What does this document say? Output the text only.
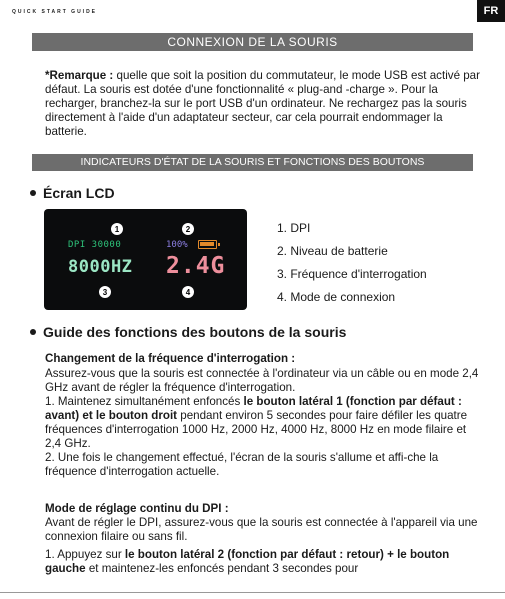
QUICK START GUIDE	FR
CONNEXION DE LA SOURIS
*Remarque : quelle que soit la position du commutateur, le mode USB est activé par défaut. La souris est dotée d'une fonctionnalité « plug-and -charge ». Pour la recharger, branchez-la sur le port USB d'un ordinateur. Ne rechargez pas la souris directement à l'aide d'un adaptateur secteur, car cela pourrait endommager la batterie.
INDICATEURS D'ÉTAT DE LA SOURIS ET FONCTIONS DES BOUTONS
Écran LCD
1	2
DPI 30000	100%
8000HZ 2.4G
3	4
1. DPI
2. Niveau de batterie
3. Fréquence d'interrogation
4. Mode de connexion
Guide des fonctions des boutons de la souris
Changement de la fréquence d'interrogation :
Assurez-vous que la souris est connectée à l'ordinateur via un câble ou en mode 2,4 GHz avant de régler la fréquence d'interrogation.
1. Maintenez simultanément enfoncés le bouton latéral 1 (fonction par défaut : avant) et le bouton droit pendant environ 5 secondes pour faire défiler les quatre fréquences d'interrogation 1000 Hz, 2000 Hz, 4000 Hz, 8000 Hz en mode filaire et 2,4 GHz.
2. Une fois le changement effectué, l'écran de la souris s'allume et affi-che la fréquence d'interrogation actuelle.
Mode de réglage continu du DPI :
Avant de régler le DPI, assurez-vous que la souris est connectée à l'appareil via une connexion filaire ou sans fil.
1. Appuyez sur le bouton latéral 2 (fonction par défaut : retour) + le bouton gauche et maintenez-les enfoncés pendant 3 secondes pour
